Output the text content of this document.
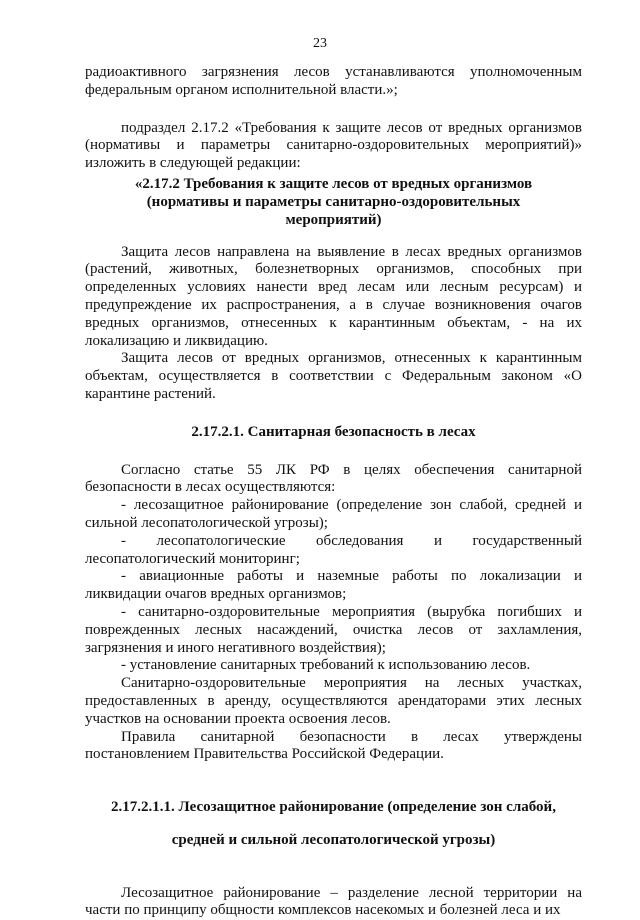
23

радиоактивного загрязнения лесов устанавливаются уполномоченным федеральным органом исполнительной власти.»;

подраздел 2.17.2 «Требования к защите лесов от вредных организмов (нормативы и параметры санитарно-оздоровительных мероприятий)» изложить в следующей редакции:

«2.17.2 Требования к защите лесов от вредных организмов

(нормативы и параметры санитарно-оздоровительных

мероприятий)

Защита лесов направлена на выявление в лесах вредных организмов (растений, животных, болезнетворных организмов, способных при определенных условиях нанести вред лесам или лесным ресурсам) и предупреждение их распространения, а в случае возникновения очагов вредных организмов, отнесенных к карантинным объектам, - на их локализацию и ликвидацию.

Защита лесов от вредных организмов, отнесенных к карантинным объектам, осуществляется в соответствии с Федеральным законом «О карантине растений.

2.17.2.1. Санитарная безопасность в лесах

Согласно статье 55 ЛК РФ в целях обеспечения санитарной безопасности в лесах осуществляются:

- лесозащитное районирование (определение зон слабой, средней и сильной лесопатологической угрозы);

- лесопатологические обследования и государственный лесопатологический мониторинг;

- авиационные работы и наземные работы по локализации и ликвидации очагов вредных организмов;

- санитарно-оздоровительные мероприятия (вырубка погибших и поврежденных лесных насаждений, очистка лесов от захламления, загрязнения и иного негативного воздействия);

- установление санитарных требований к использованию лесов.

Санитарно-оздоровительные мероприятия на лесных участках, предоставленных в аренду, осуществляются арендаторами этих лесных участков на основании проекта освоения лесов.

Правила санитарной безопасности в лесах утверждены постановлением Правительства Российской Федерации.

2.17.2.1.1. Лесозащитное районирование (определение зон слабой,

средней и сильной лесопатологической угрозы)

Лесозащитное районирование – разделение лесной территории на части по принципу общности комплексов насекомых и болезней леса и их
